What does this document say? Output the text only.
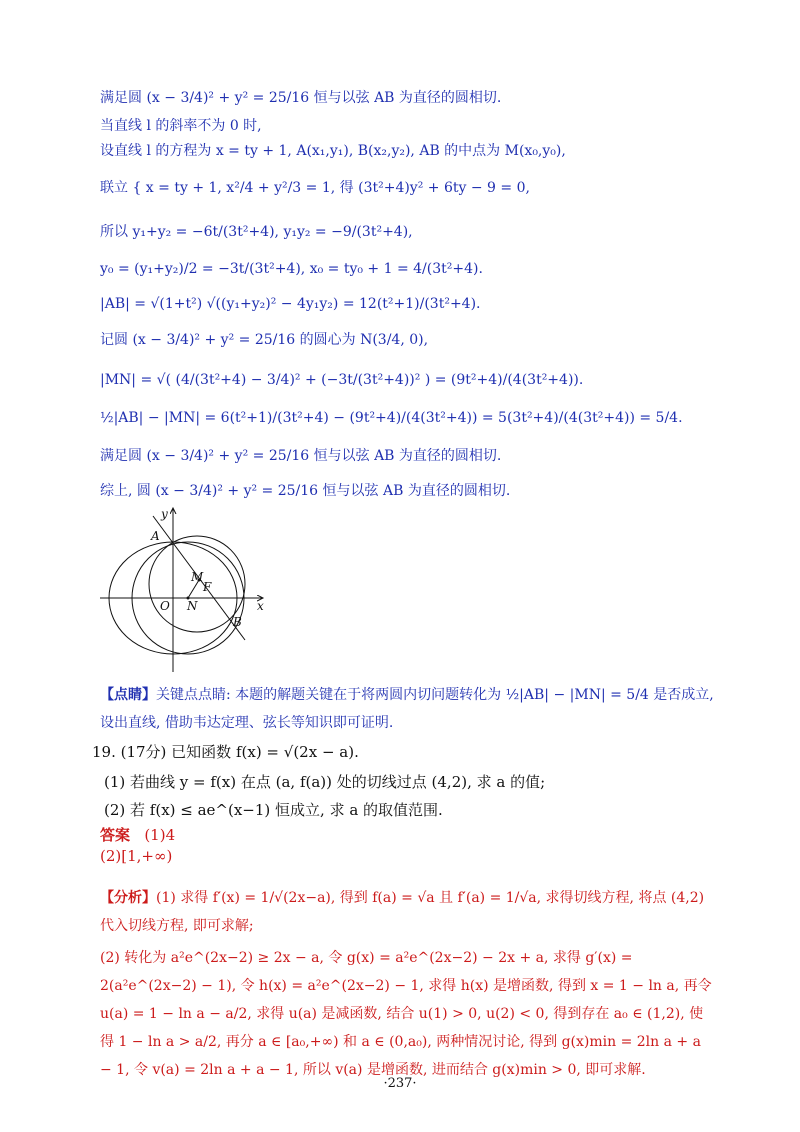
满足圆 (x − 3/4)² + y² = 25/16 恒与以弦 AB 为直径的圆相切.
当直线 l 的斜率不为 0 时,
设直线 l 的方程为 x = ty + 1, A(x₁,y₁), B(x₂,y₂), AB 的中点为 M(x₀,y₀),
联立 { x = ty + 1, x²/4 + y²/3 = 1, 得 (3t²+4)y² + 6ty − 9 = 0,
所以 y₁+y₂ = −6t/(3t²+4), y₁y₂ = −9/(3t²+4),
y₀ = (y₁+y₂)/2 = −3t/(3t²+4), x₀ = ty₀ + 1 = 4/(3t²+4).
|AB| = √(1+t²) √((y₁+y₂)² − 4y₁y₂) = 12(t²+1)/(3t²+4).
记圆 (x − 3/4)² + y² = 25/16 的圆心为 N(3/4, 0),
|MN| = √( (4/(3t²+4) − 3/4)² + (−3t/(3t²+4))² ) = (9t²+4)/(4(3t²+4)).
½|AB| − |MN| = 6(t²+1)/(3t²+4) − (9t²+4)/(4(3t²+4)) = 5(3t²+4)/(4(3t²+4)) = 5/4.
满足圆 (x − 3/4)² + y² = 25/16 恒与以弦 AB 为直径的圆相切.
综上, 圆 (x − 3/4)² + y² = 25/16 恒与以弦 AB 为直径的圆相切.
y
x
A
B
M
F
O N
【点睛】关键点点睛: 本题的解题关键在于将两圆内切问题转化为 ½|AB| − |MN| = 5/4 是否成立, 设出直线, 借助韦达定理、弦长等知识即可证明.
19. (17分) 已知函数 f(x) = √(2x − a).
(1) 若曲线 y = f(x) 在点 (a, f(a)) 处的切线过点 (4,2), 求 a 的值;
(2) 若 f(x) ≤ ae^(x−1) 恒成立, 求 a 的取值范围.
答案 (1)4
(2)[1,+∞)
【分析】(1) 求得 f′(x) = 1/√(2x−a), 得到 f(a) = √a 且 f′(a) = 1/√a, 求得切线方程, 将点 (4,2) 代入切线方程, 即可求解;
(2) 转化为 a²e^(2x−2) ≥ 2x − a, 令 g(x) = a²e^(2x−2) − 2x + a, 求得 g′(x) = 2(a²e^(2x−2) − 1), 令 h(x) = a²e^(2x−2) − 1, 求得 h(x) 是增函数, 得到 x = 1 − ln a, 再令 u(a) = 1 − ln a − a/2, 求得 u(a) 是减函数, 结合 u(1) > 0, u(2) < 0, 得到存在 a₀ ∈ (1,2), 使得 1 − ln a > a/2, 再分 a ∈ [a₀,+∞) 和 a ∈ (0,a₀), 两种情况讨论, 得到 g(x)min = 2ln a + a − 1, 令 v(a) = 2ln a + a − 1, 所以 v(a) 是增函数, 进而结合 g(x)min > 0, 即可求解.
·237·
